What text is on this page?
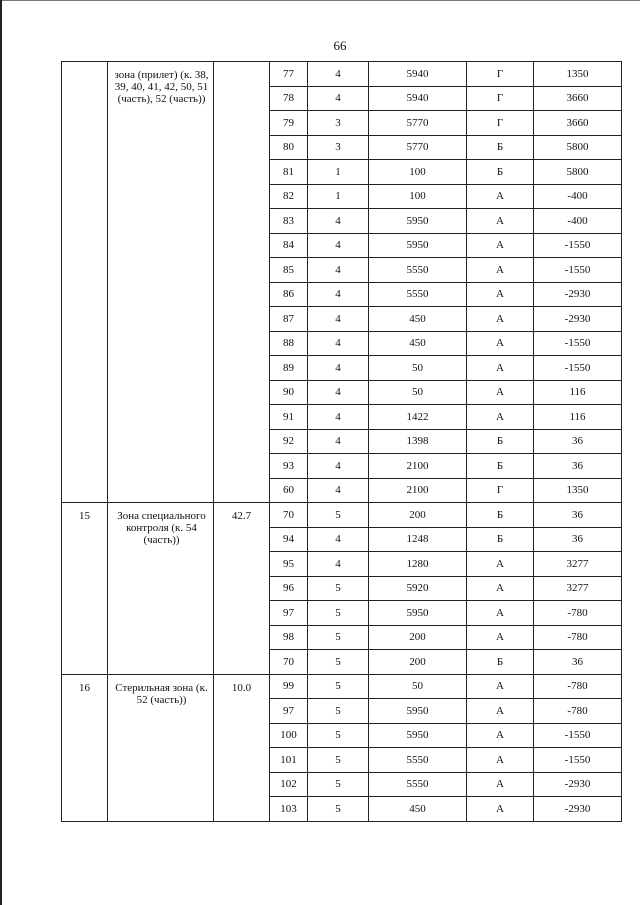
66
	зона (прилет) (к. 38, 39, 40, 41, 42, 50, 51 (часть), 52 (часть))		77	4	5940	Г	1350
			78	4	5940	Г	3660
			79	3	5770	Г	3660
			80	3	5770	Б	5800
			81	1	100	Б	5800
			82	1	100	А	-400
			83	4	5950	А	-400
			84	4	5950	А	-1550
			85	4	5550	А	-1550
			86	4	5550	А	-2930
			87	4	450	А	-2930
			88	4	450	А	-1550
			89	4	50	А	-1550
			90	4	50	А	116
			91	4	1422	А	116
			92	4	1398	Б	36
			93	4	2100	Б	36
			60	4	2100	Г	1350
15	Зона специального контроля (к. 54 (часть))	42.7	70	5	200	Б	36
			94	4	1248	Б	36
			95	4	1280	А	3277
			96	5	5920	А	3277
			97	5	5950	А	-780
			98	5	200	А	-780
			70	5	200	Б	36
16	Стерильная зона (к. 52 (часть))	10.0	99	5	50	А	-780
			97	5	5950	А	-780
			100	5	5950	А	-1550
			101	5	5550	А	-1550
			102	5	5550	А	-2930
			103	5	450	А	-2930
